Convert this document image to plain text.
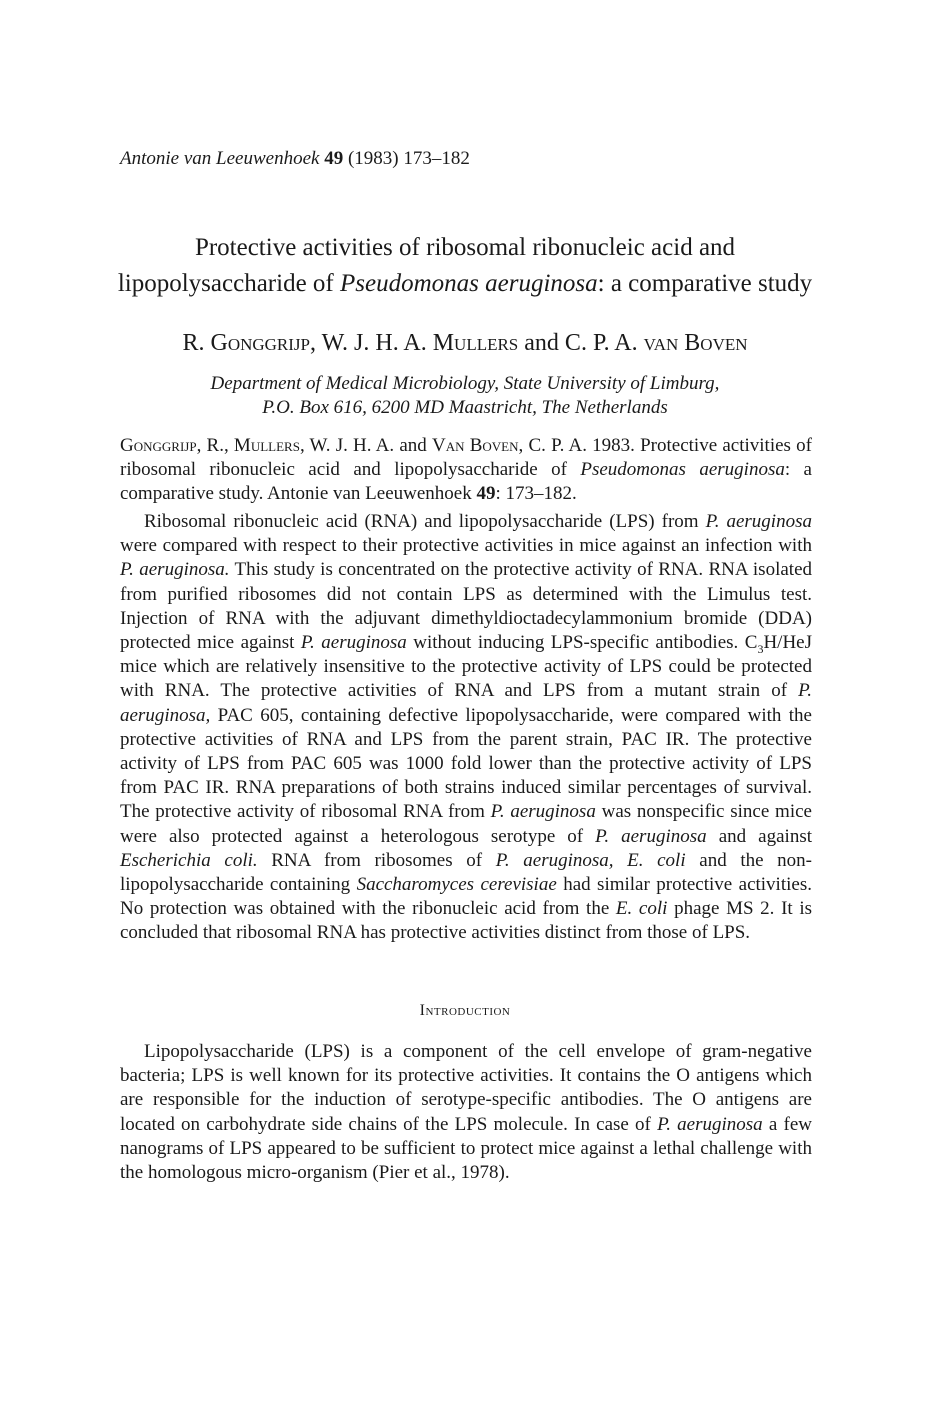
Antonie van Leeuwenhoek 49 (1983) 173–182
Protective activities of ribosomal ribonucleic acid and
lipopolysaccharide of Pseudomonas aeruginosa: a comparative study
R. Gonggrijp, W. J. H. A. Mullers and C. P. A. van Boven
Department of Medical Microbiology, State University of Limburg,
P.O. Box 616, 6200 MD Maastricht, The Netherlands
Gonggrijp, R., Mullers, W. J. H. A. and Van Boven, C. P. A. 1983. Protective activities of ribosomal ribonucleic acid and lipopolysaccharide of Pseudomonas aeruginosa: a comparative study. Antonie van Leeuwenhoek 49: 173–182.
Ribosomal ribonucleic acid (RNA) and lipopolysaccharide (LPS) from P. aeruginosa were compared with respect to their protective activities in mice against an infection with P. aeruginosa. This study is concentrated on the protective activity of RNA. RNA isolated from purified ribosomes did not contain LPS as determined with the Limulus test. Injection of RNA with the adjuvant dimethyldioctadecylammonium bromide (DDA) protected mice against P. aeruginosa without inducing LPS-specific antibodies. $C_3H$/HeJ mice which are relatively insensitive to the protective activity of LPS could be protected with RNA. The protective activities of RNA and LPS from a mutant strain of P. aeruginosa, PAC 605, containing defective lipopolysaccharide, were compared with the protective activities of RNA and LPS from the parent strain, PAC IR. The protective activity of LPS from PAC 605 was 1000 fold lower than the protective activity of LPS from PAC IR. RNA preparations of both strains induced similar percentages of survival. The protective activity of ribosomal RNA from P. aeruginosa was nonspecific since mice were also protected against a heterologous serotype of P. aeruginosa and against Escherichia coli. RNA from ribosomes of P. aeruginosa, E. coli and the non-lipopolysaccharide containing Saccharomyces cerevisiae had similar protective activities. No protection was obtained with the ribonucleic acid from the E. coli phage MS 2. It is concluded that ribosomal RNA has protective activities distinct from those of LPS.
Introduction
Lipopolysaccharide (LPS) is a component of the cell envelope of gram-negative bacteria; LPS is well known for its protective activities. It contains the O antigens which are responsible for the induction of serotype-specific antibodies. The O antigens are located on carbohydrate side chains of the LPS molecule. In case of P. aeruginosa a few nanograms of LPS appeared to be sufficient to protect mice against a lethal challenge with the homologous micro-organism (Pier et al., 1978).
